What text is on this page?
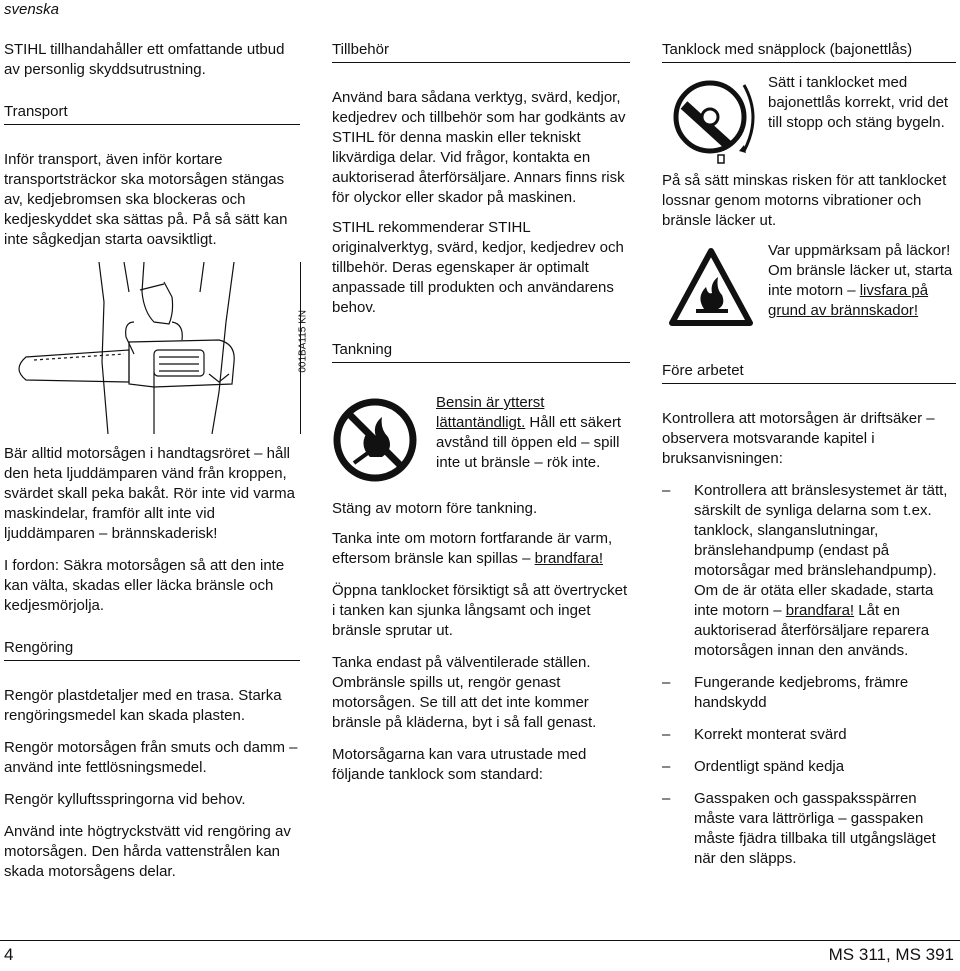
svenska

STIHL tillhandahåller ett omfattande utbud av personlig skyddsutrustning.

Transport

Inför transport, även inför kortare transportsträckor ska motorsågen stängas av, kedjebromsen ska blockeras och kedjeskyddet ska sättas på. På så sätt kan inte sågkedjan starta oavsiktligt.

001BA115 KN

Bär alltid motorsågen i handtagsröret – håll den heta ljuddämparen vänd från kroppen, svärdet skall peka bakåt. Rör inte vid varma maskindelar, framför allt inte vid ljuddämparen – brännskaderisk!

I fordon: Säkra motorsågen så att den inte kan välta, skadas eller läcka bränsle och kedjesmörjolja.

Rengöring

Rengör plastdetaljer med en trasa. Starka rengöringsmedel kan skada plasten.

Rengör motorsågen från smuts och damm – använd inte fettlösningsmedel.

Rengör kylluftsspringorna vid behov.

Använd inte högtryckstvätt vid rengöring av motorsågen. Den hårda vattenstrålen kan skada motorsågens delar.

Tillbehör

Använd bara sådana verktyg, svärd, kedjor, kedjedrev och tillbehör som har godkänts av STIHL för denna maskin eller tekniskt likvärdiga delar. Vid frågor, kontakta en auktoriserad återförsäljare. Annars finns risk för olyckor eller skador på maskinen.

STIHL rekommenderar STIHL originalverktyg, svärd, kedjor, kedjedrev och tillbehör. Deras egenskaper är optimalt anpassade till produkten och användarens behov.

Tankning

Bensin är ytterst lättantändligt. Håll ett säkert avstånd till öppen eld – spill inte ut bränsle – rök inte.

Stäng av motorn före tankning.

Tanka inte om motorn fortfarande är varm, eftersom bränsle kan spillas – brandfara!

Öppna tanklocket försiktigt så att övertrycket i tanken kan sjunka långsamt och inget bränsle sprutar ut.

Tanka endast på välventilerade ställen. Ombränsle spills ut, rengör genast motorsågen. Se till att det inte kommer bränsle på kläderna, byt i så fall genast.

Motorsågarna kan vara utrustade med följande tanklock som standard:

Tanklock med snäpplock (bajonettlås)

Sätt i tanklocket med bajonettlås korrekt, vrid det till stopp och stäng bygeln.

På så sätt minskas risken för att tanklocket lossnar genom motorns vibrationer och bränsle läcker ut.

Var uppmärksam på läckor! Om bränsle läcker ut, starta inte motorn – livsfara på grund av brännskador!

Före arbetet

Kontrollera att motorsågen är driftsäker – observera motsvarande kapitel i bruksanvisningen:

– Kontrollera att bränslesystemet är tätt, särskilt de synliga delarna som t.ex. tanklock, slanganslutningar, bränslehandpump (endast på motorsågar med bränslehandpump). Om de är otäta eller skadade, starta inte motorn – brandfara! Låt en auktoriserad återförsäljare reparera motorsågen innan den används.
– Fungerande kedjebroms, främre handskydd
– Korrekt monterat svärd
– Ordentligt spänd kedja
– Gasspaken och gasspaksspärren måste vara lättrörliga – gasspaken måste fjädra tillbaka till utgångsläget när den släpps.
4	MS 311, MS 391
